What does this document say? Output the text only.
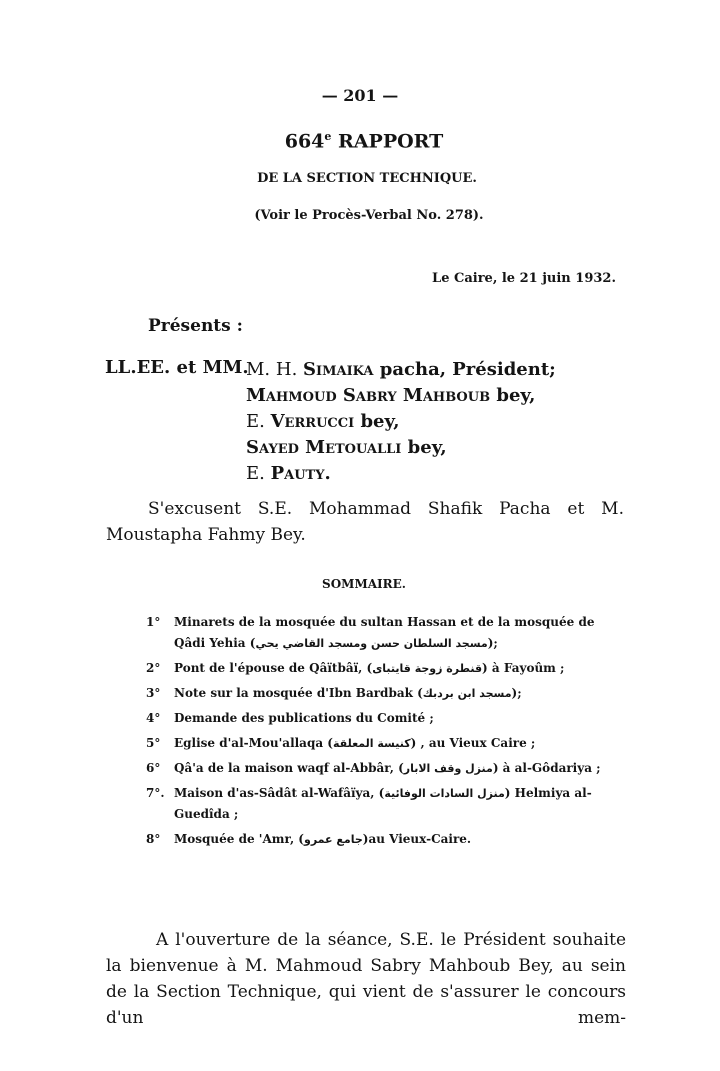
— 201 —
664e RAPPORT
DE LA SECTION TECHNIQUE.
(Voir le Procès-Verbal No. 278).
Le Caire, le 21 juin 1932.
Présents :
LL.EE. et MM.
M. H. Simaika pacha, Président;
Mahmoud Sabry Mahboub bey,
E. Verrucci bey,
Sayed Metoualli bey,
E. Pauty.

S'excusent S.E. Mohammad Shafik Pacha et M. Moustapha Fahmy Bey.

SOMMAIRE.
1° Minarets de la mosquée du sultan Hassan et de la mosquée de Qâdi Yehia (مسجد السلطان حسن ومسجد القاضي يحي);
2° Pont de l'épouse de Qâïtbâï, (قنطرة زوجة قايتباى) à Fayoûm ;
3° Note sur la mosquée d'Ibn Bardbak (مسجد ابن بردبك);
4° Demande des publications du Comité ;
5° Eglise d'al-Mou'allaqa (كنيسة المعلقة) , au Vieux Caire ;
6° Qâ'a de la maison waqf al-Abbâr, (منزل وقف الابار) à al-Gôdariya ;
7°. Maison d'as-Sâdât al-Wafâïya, (منزل السادات الوفائية) Helmiya al-Guedîda ;
8° Mosquée de 'Amr, (جامع عمرو)au Vieux-Caire.

A l'ouverture de la séance, S.E. le Président souhaite la bienvenue à M. Mahmoud Sabry Mahboub Bey, au sein de la Section Technique, qui vient de s'assurer le concours d'un mem-
